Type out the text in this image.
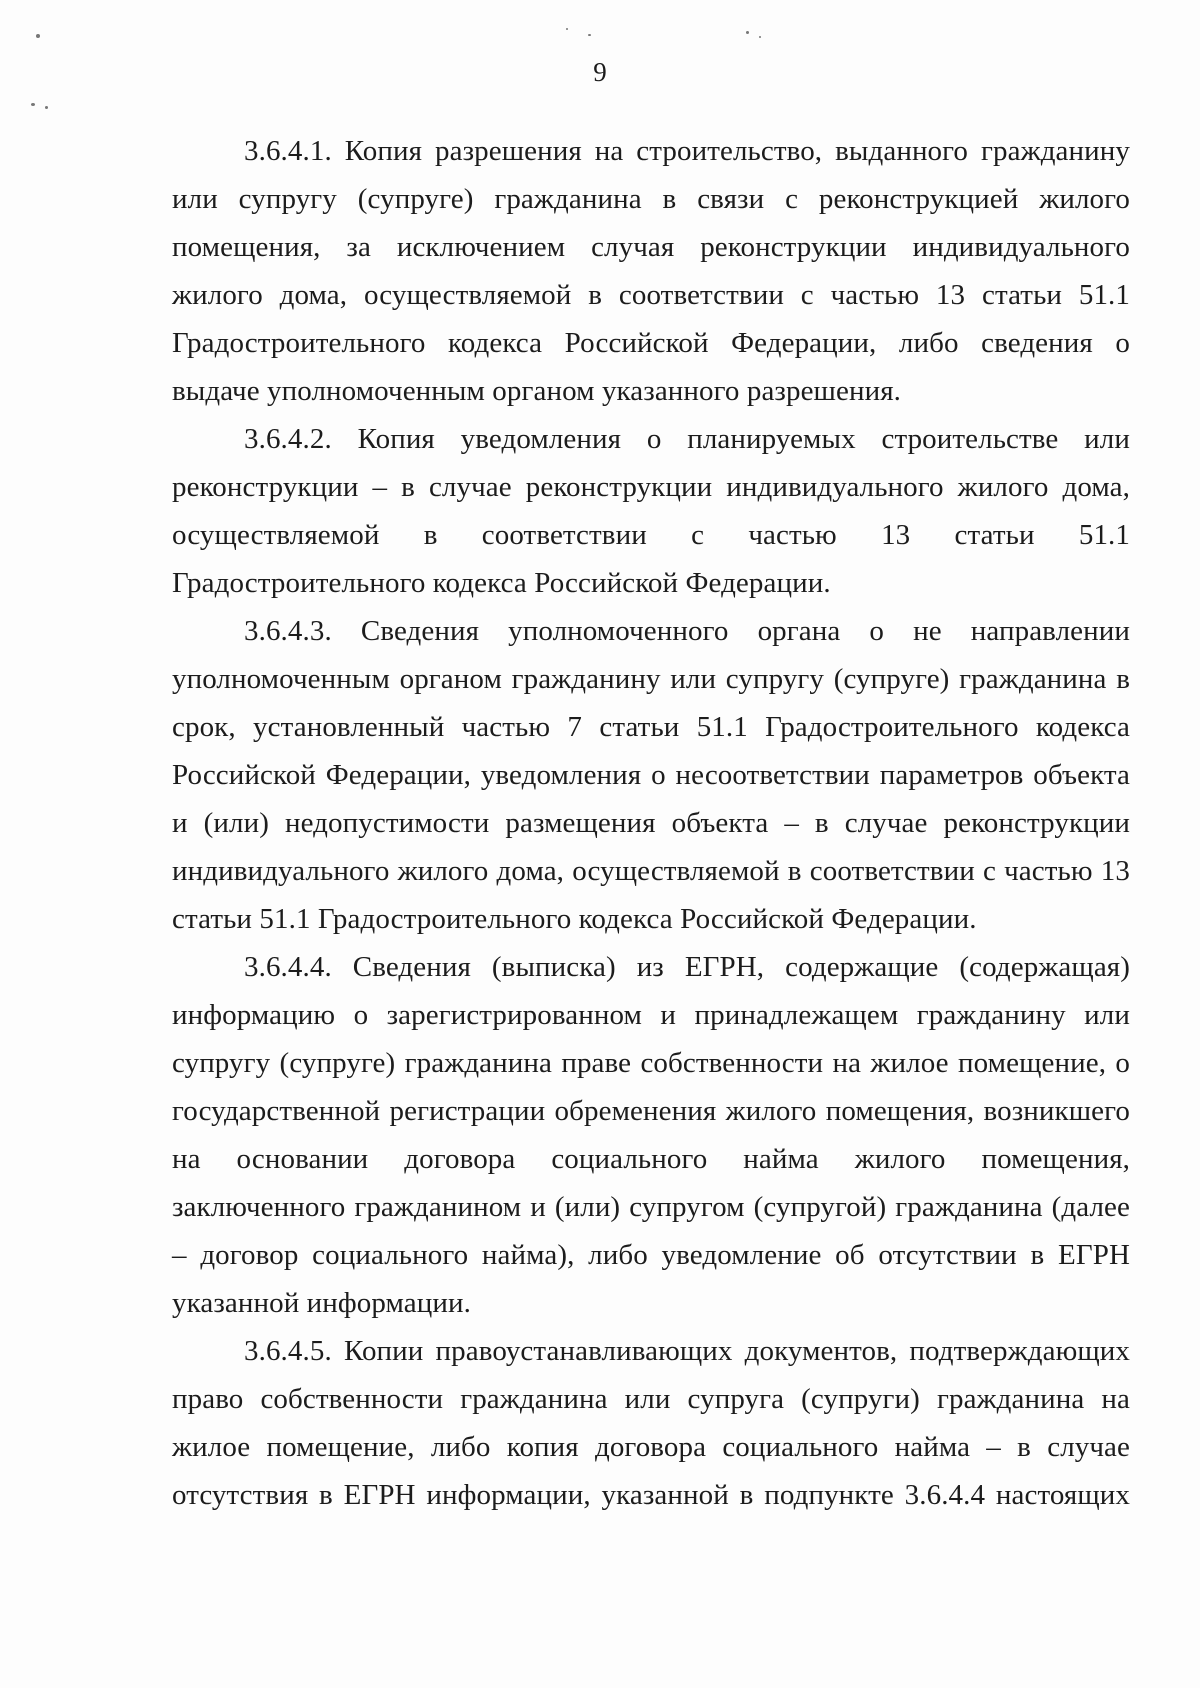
9

3.6.4.1. Копия разрешения на строительство, выданного гражданину или супругу (супруге) гражданина в связи с реконструкцией жилого помещения, за исключением случая реконструкции индивидуального жилого дома, осуществляемой в соответствии с частью 13 статьи 51.1 Градостроительного кодекса Российской Федерации, либо сведения о выдаче уполномоченным органом указанного разрешения.

3.6.4.2. Копия уведомления о планируемых строительстве или реконструкции – в случае реконструкции индивидуального жилого дома, осуществляемой в соответствии с частью 13 статьи 51.1 Градостроительного кодекса Российской Федерации.

3.6.4.3. Сведения уполномоченного органа о не направлении уполномоченным органом гражданину или супругу (супруге) гражданина в срок, установленный частью 7 статьи 51.1 Градостроительного кодекса Российской Федерации, уведомления о несоответствии параметров объекта и (или) недопустимости размещения объекта – в случае реконструкции индивидуального жилого дома, осуществляемой в соответствии с частью 13 статьи 51.1 Градостроительного кодекса Российской Федерации.

3.6.4.4. Сведения (выписка) из ЕГРН, содержащие (содержащая) информацию о зарегистрированном и принадлежащем гражданину или супругу (супруге) гражданина праве собственности на жилое помещение, о государственной регистрации обременения жилого помещения, возникшего на основании договора социального найма жилого помещения, заключенного гражданином и (или) супругом (супругой) гражданина (далее – договор социального найма), либо уведомление об отсутствии в ЕГРН указанной информации.

3.6.4.5. Копии правоустанавливающих документов, подтверждающих право собственности гражданина или супруга (супруги) гражданина на жилое помещение, либо копия договора социального найма – в случае отсутствия в ЕГРН информации, указанной в подпункте 3.6.4.4 настоящих
